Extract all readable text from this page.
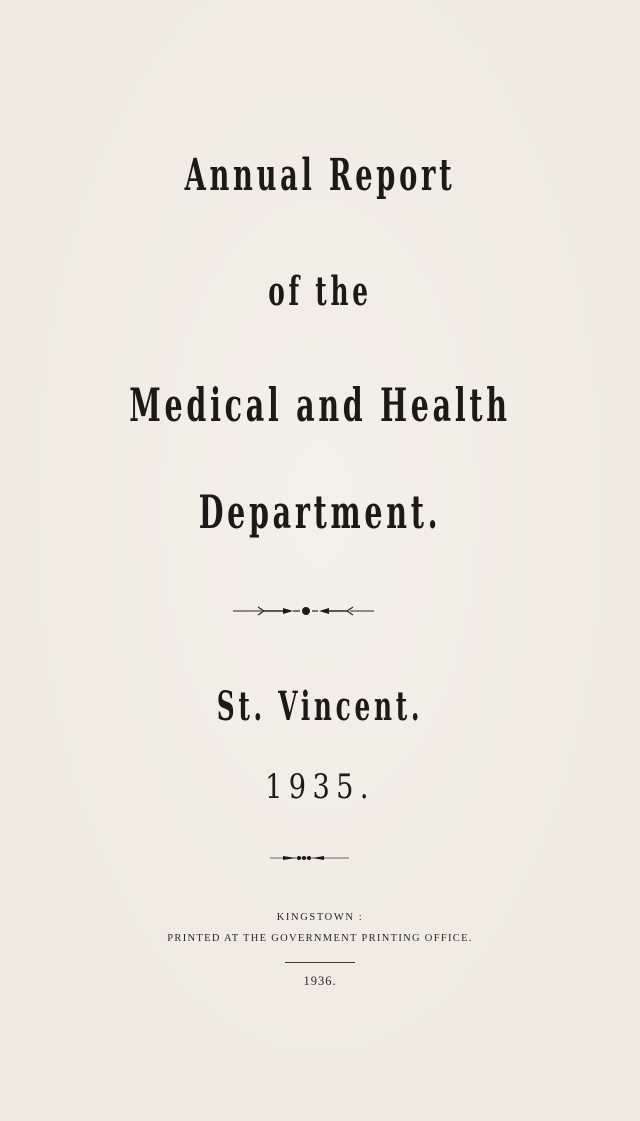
Annual Report
of the
Medical and Health
Department.
St. Vincent.
1935.
KINGSTOWN :
PRINTED AT THE GOVERNMENT PRINTING OFFICE.
1936.
